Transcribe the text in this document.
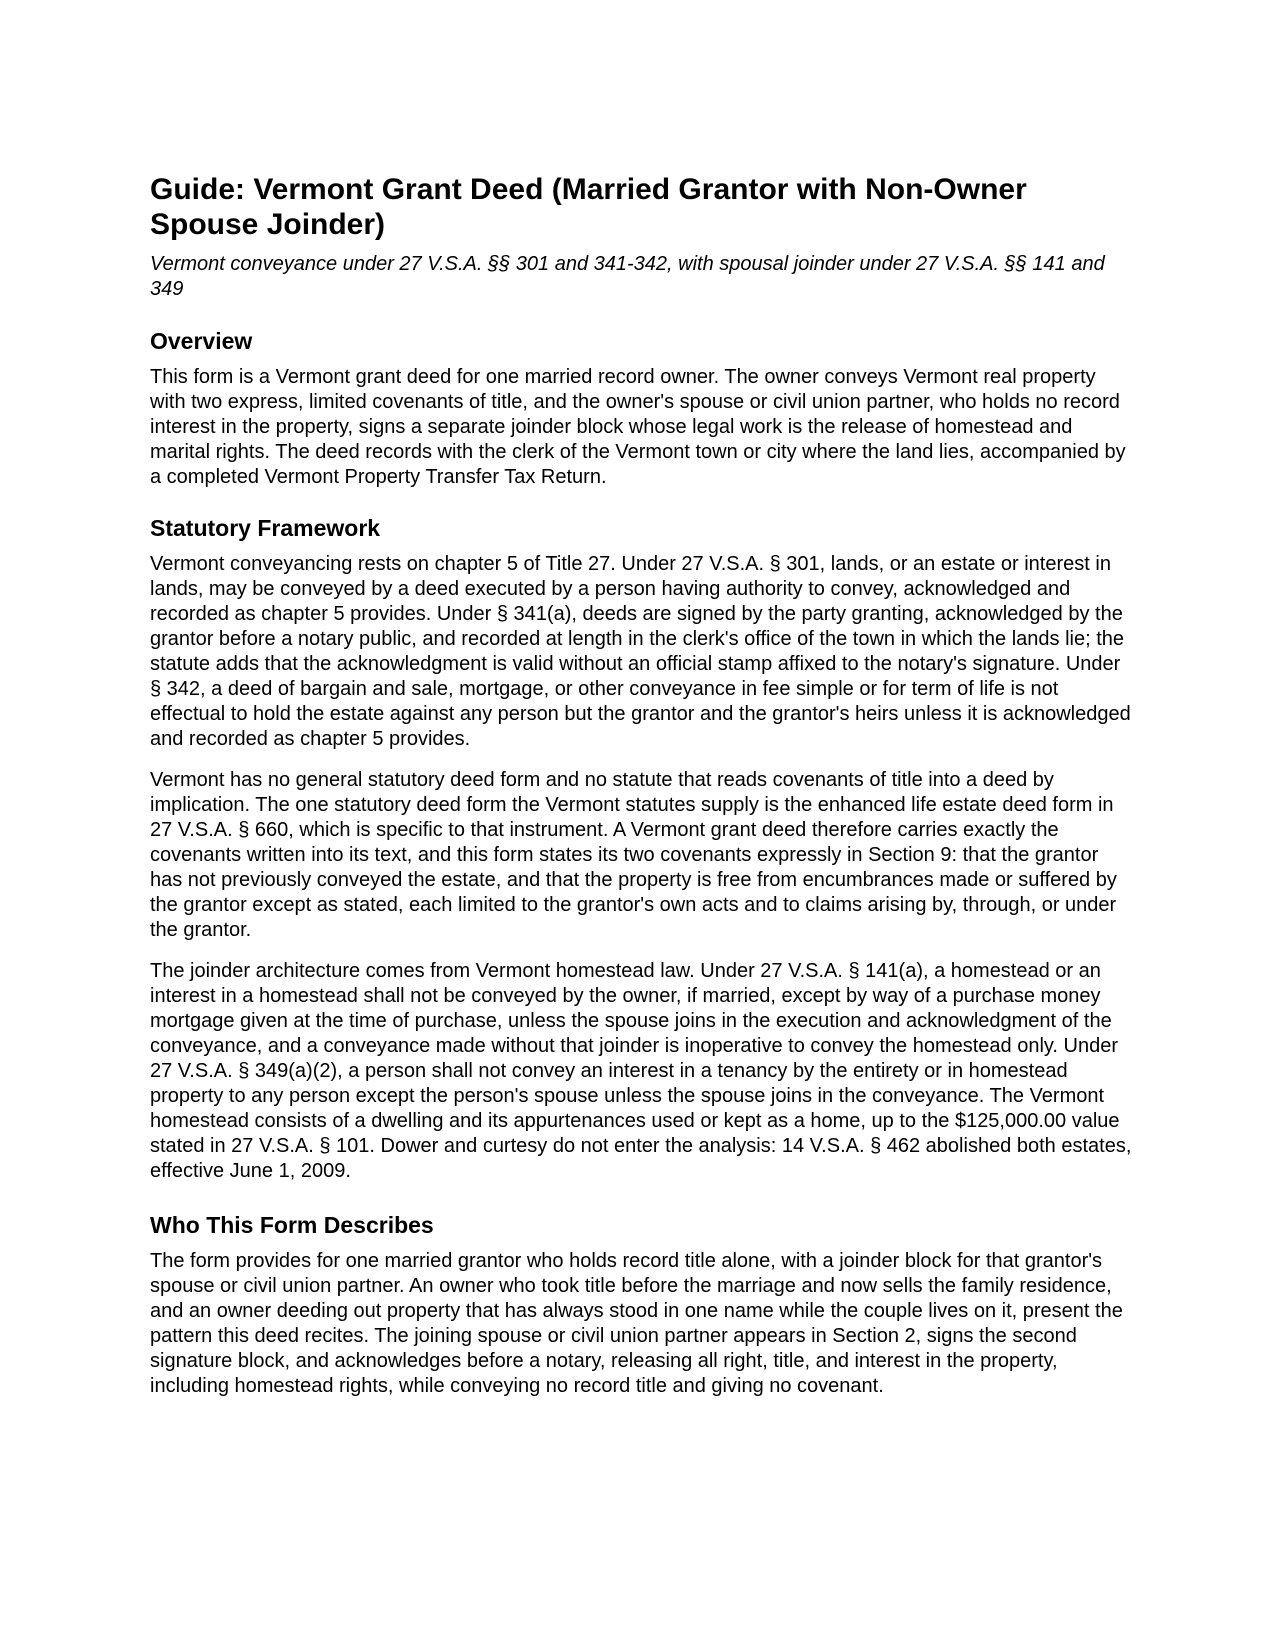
Guide: Vermont Grant Deed (Married Grantor with Non-Owner Spouse Joinder)

Vermont conveyance under 27 V.S.A. §§ 301 and 341-342, with spousal joinder under 27 V.S.A. §§ 141 and 349

Overview

This form is a Vermont grant deed for one married record owner. The owner conveys Vermont real property with two express, limited covenants of title, and the owner's spouse or civil union partner, who holds no record interest in the property, signs a separate joinder block whose legal work is the release of homestead and marital rights. The deed records with the clerk of the Vermont town or city where the land lies, accompanied by a completed Vermont Property Transfer Tax Return.

Statutory Framework

Vermont conveyancing rests on chapter 5 of Title 27. Under 27 V.S.A. § 301, lands, or an estate or interest in lands, may be conveyed by a deed executed by a person having authority to convey, acknowledged and recorded as chapter 5 provides. Under § 341(a), deeds are signed by the party granting, acknowledged by the grantor before a notary public, and recorded at length in the clerk's office of the town in which the lands lie; the statute adds that the acknowledgment is valid without an official stamp affixed to the notary's signature. Under § 342, a deed of bargain and sale, mortgage, or other conveyance in fee simple or for term of life is not effectual to hold the estate against any person but the grantor and the grantor's heirs unless it is acknowledged and recorded as chapter 5 provides.

Vermont has no general statutory deed form and no statute that reads covenants of title into a deed by implication. The one statutory deed form the Vermont statutes supply is the enhanced life estate deed form in 27 V.S.A. § 660, which is specific to that instrument. A Vermont grant deed therefore carries exactly the covenants written into its text, and this form states its two covenants expressly in Section 9: that the grantor has not previously conveyed the estate, and that the property is free from encumbrances made or suffered by the grantor except as stated, each limited to the grantor's own acts and to claims arising by, through, or under the grantor.

The joinder architecture comes from Vermont homestead law. Under 27 V.S.A. § 141(a), a homestead or an interest in a homestead shall not be conveyed by the owner, if married, except by way of a purchase money mortgage given at the time of purchase, unless the spouse joins in the execution and acknowledgment of the conveyance, and a conveyance made without that joinder is inoperative to convey the homestead only. Under 27 V.S.A. § 349(a)(2), a person shall not convey an interest in a tenancy by the entirety or in homestead property to any person except the person's spouse unless the spouse joins in the conveyance. The Vermont homestead consists of a dwelling and its appurtenances used or kept as a home, up to the $125,000.00 value stated in 27 V.S.A. § 101. Dower and curtesy do not enter the analysis: 14 V.S.A. § 462 abolished both estates, effective June 1, 2009.

Who This Form Describes

The form provides for one married grantor who holds record title alone, with a joinder block for that grantor's spouse or civil union partner. An owner who took title before the marriage and now sells the family residence, and an owner deeding out property that has always stood in one name while the couple lives on it, present the pattern this deed recites. The joining spouse or civil union partner appears in Section 2, signs the second signature block, and acknowledges before a notary, releasing all right, title, and interest in the property, including homestead rights, while conveying no record title and giving no covenant.
